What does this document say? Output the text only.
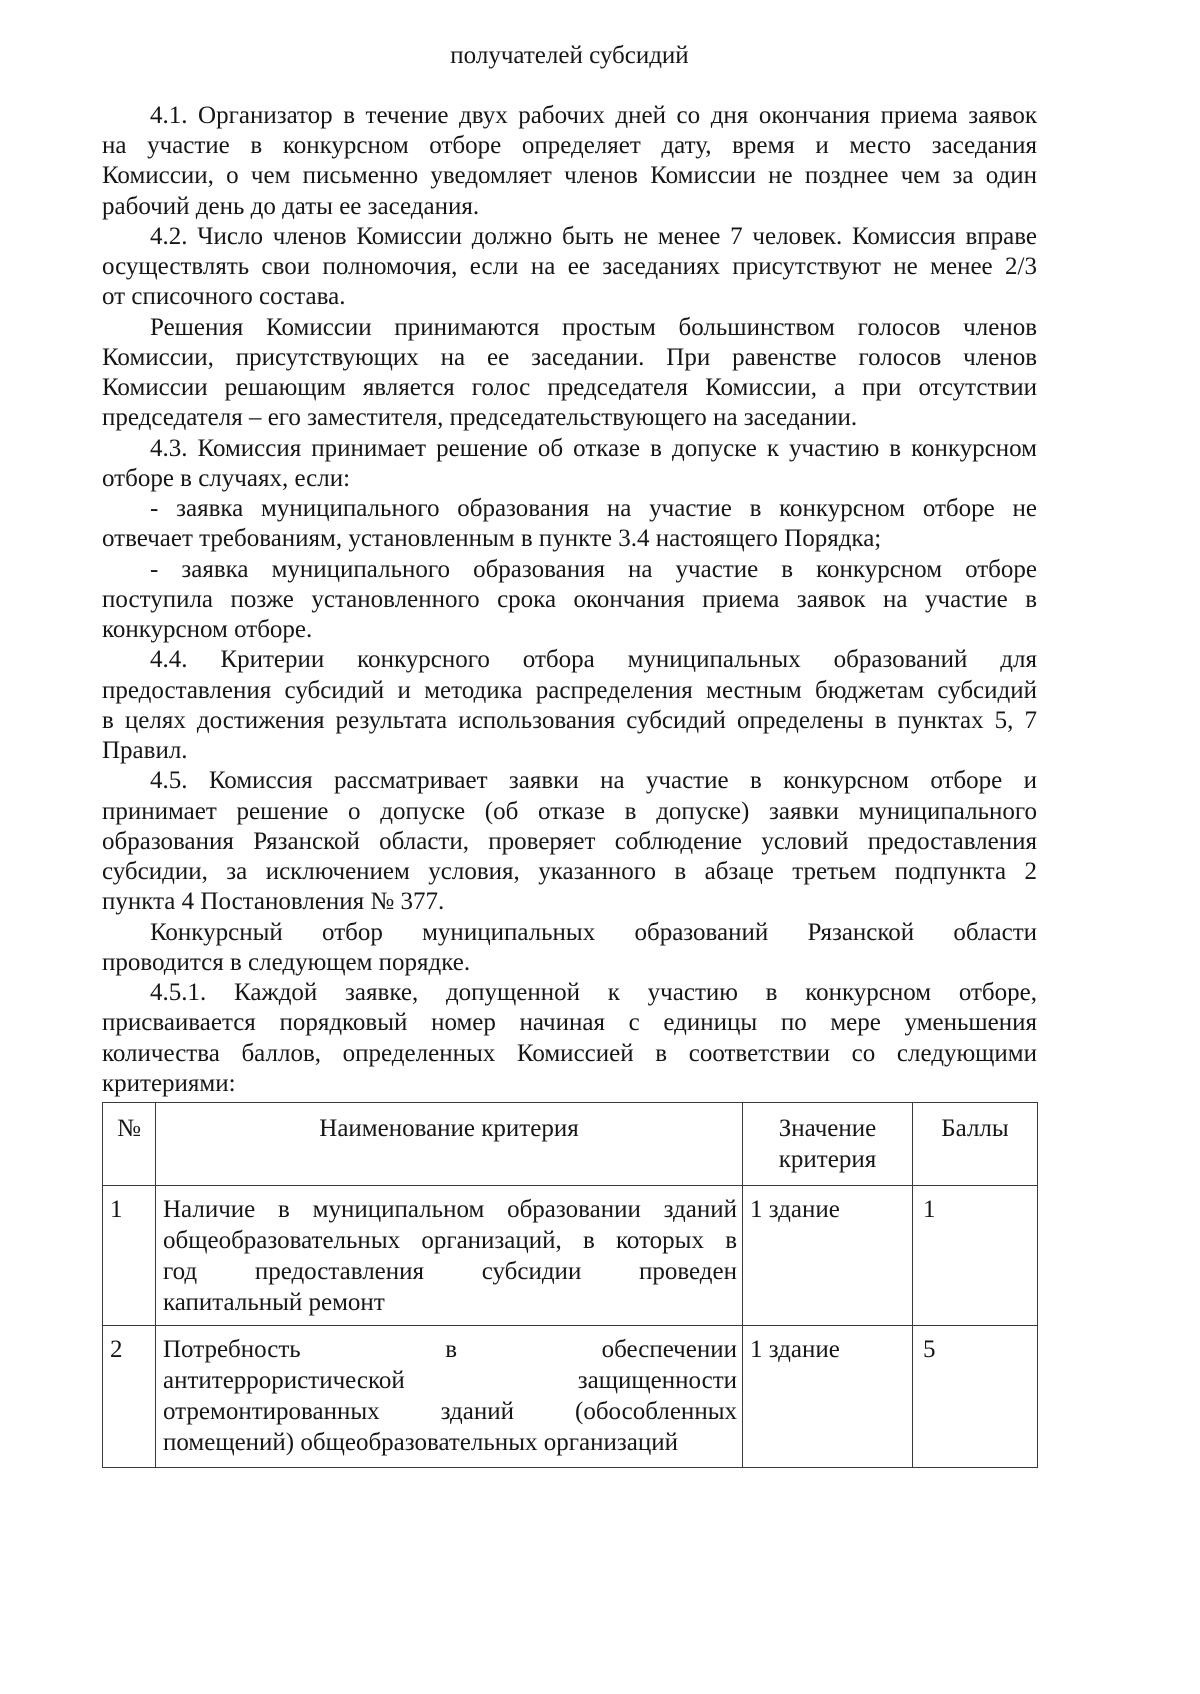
получателей субсидий
4.1. Организатор в течение двух рабочих дней со дня окончания приема заявок
на участие в конкурсном отборе определяет дату, время и место заседания
Комиссии, о чем письменно уведомляет членов Комиссии не позднее чем за один
рабочий день до даты ее заседания.
4.2. Число членов Комиссии должно быть не менее 7 человек. Комиссия вправе
осуществлять свои полномочия, если на ее заседаниях присутствуют не менее 2/3
от списочного состава.
Решения Комиссии принимаются простым большинством голосов членов
Комиссии, присутствующих на ее заседании. При равенстве голосов членов
Комиссии решающим является голос председателя Комиссии, а при отсутствии
председателя – его заместителя, председательствующего на заседании.
4.3. Комиссия принимает решение об отказе в допуске к участию в конкурсном
отборе в случаях, если:
- заявка муниципального образования на участие в конкурсном отборе не
отвечает требованиям, установленным в пункте 3.4 настоящего Порядка;
- заявка муниципального образования на участие в конкурсном отборе
поступила позже установленного срока окончания приема заявок на участие в
конкурсном отборе.
4.4. Критерии конкурсного отбора муниципальных образований для
предоставления субсидий и методика распределения местным бюджетам субсидий
в целях достижения результата использования субсидий определены в пунктах 5, 7
Правил.
4.5. Комиссия рассматривает заявки на участие в конкурсном отборе и
принимает решение о допуске (об отказе в допуске) заявки муниципального
образования Рязанской области, проверяет соблюдение условий предоставления
субсидии, за исключением условия, указанного в абзаце третьем подпункта 2
пункта 4 Постановления № 377.
Конкурсный отбор муниципальных образований Рязанской области
проводится в следующем порядке.
4.5.1. Каждой заявке, допущенной к участию в конкурсном отборе,
присваивается порядковый номер начиная с единицы по мере уменьшения
количества баллов, определенных Комиссией в соответствии со следующими
критериями:
№	Наименование критерия	Значение критерия	Баллы
1	Наличие в муниципальном образовании зданий
общеобразовательных организаций, в которых в
год предоставления субсидии проведен
капитальный ремонт	1 здание	1
2	Потребность в обеспечении
антитеррористической защищенности
отремонтированных зданий (обособленных
помещений) общеобразовательных организаций	1 здание	5
